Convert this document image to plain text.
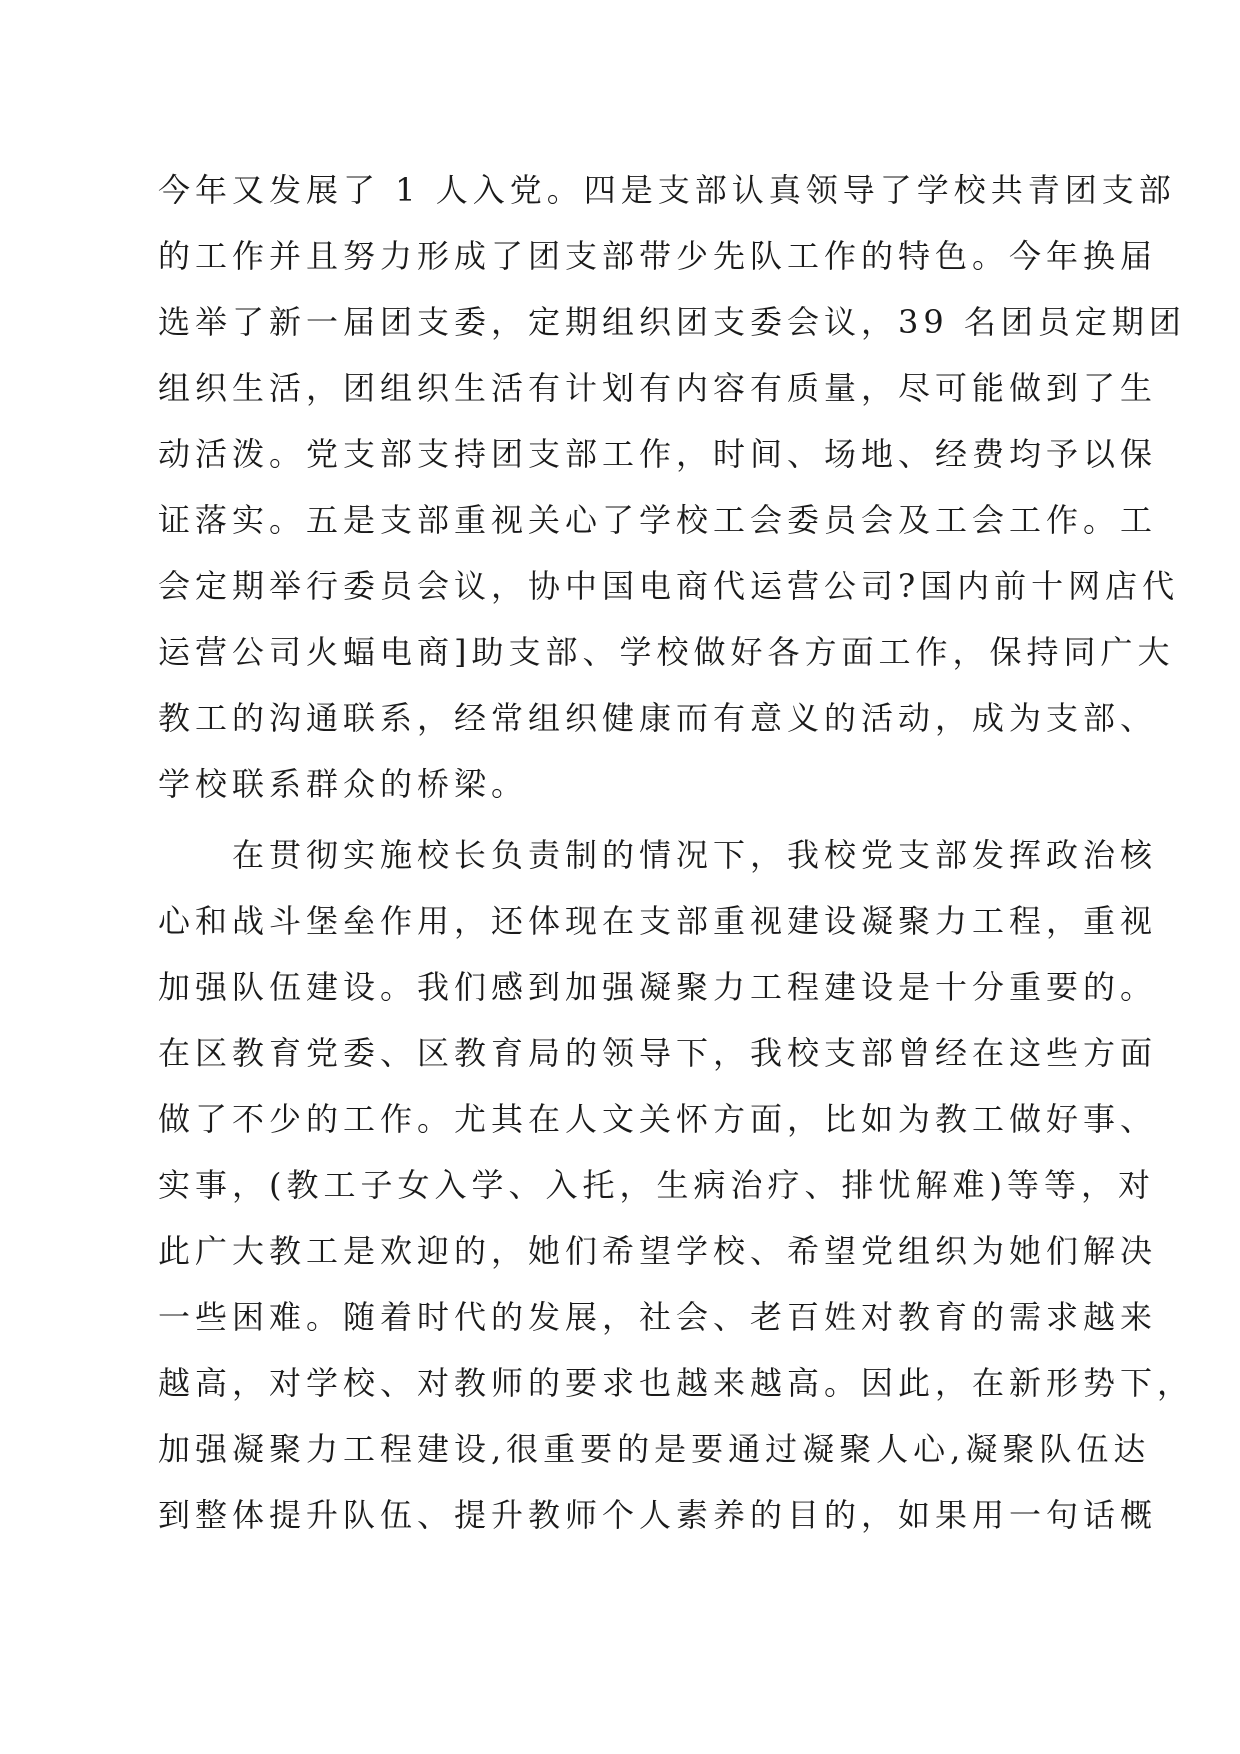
今年又发展了 1 人入党。四是支部认真领导了学校共青团支部
的工作并且努力形成了团支部带少先队工作的特色。今年换届
选举了新一届团支委，定期组织团支委会议，39 名团员定期团
组织生活，团组织生活有计划有内容有质量，尽可能做到了生
动活泼。党支部支持团支部工作，时间、场地、经费均予以保
证落实。五是支部重视关心了学校工会委员会及工会工作。工
会定期举行委员会议，协中国电商代运营公司?国内前十网店代
运营公司火蝠电商]助支部、学校做好各方面工作，保持同广大
教工的沟通联系，经常组织健康而有意义的活动，成为支部、
学校联系群众的桥梁。
　　在贯彻实施校长负责制的情况下，我校党支部发挥政治核
心和战斗堡垒作用，还体现在支部重视建设凝聚力工程，重视
加强队伍建设。我们感到加强凝聚力工程建设是十分重要的。
在区教育党委、区教育局的领导下，我校支部曾经在这些方面
做了不少的工作。尤其在人文关怀方面，比如为教工做好事、
实事，(教工子女入学、入托，生病治疗、排忧解难)等等，对
此广大教工是欢迎的，她们希望学校、希望党组织为她们解决
一些困难。随着时代的发展，社会、老百姓对教育的需求越来
越高，对学校、对教师的要求也越来越高。因此，在新形势下，
加强凝聚力工程建设,很重要的是要通过凝聚人心,凝聚队伍达
到整体提升队伍、提升教师个人素养的目的，如果用一句话概
